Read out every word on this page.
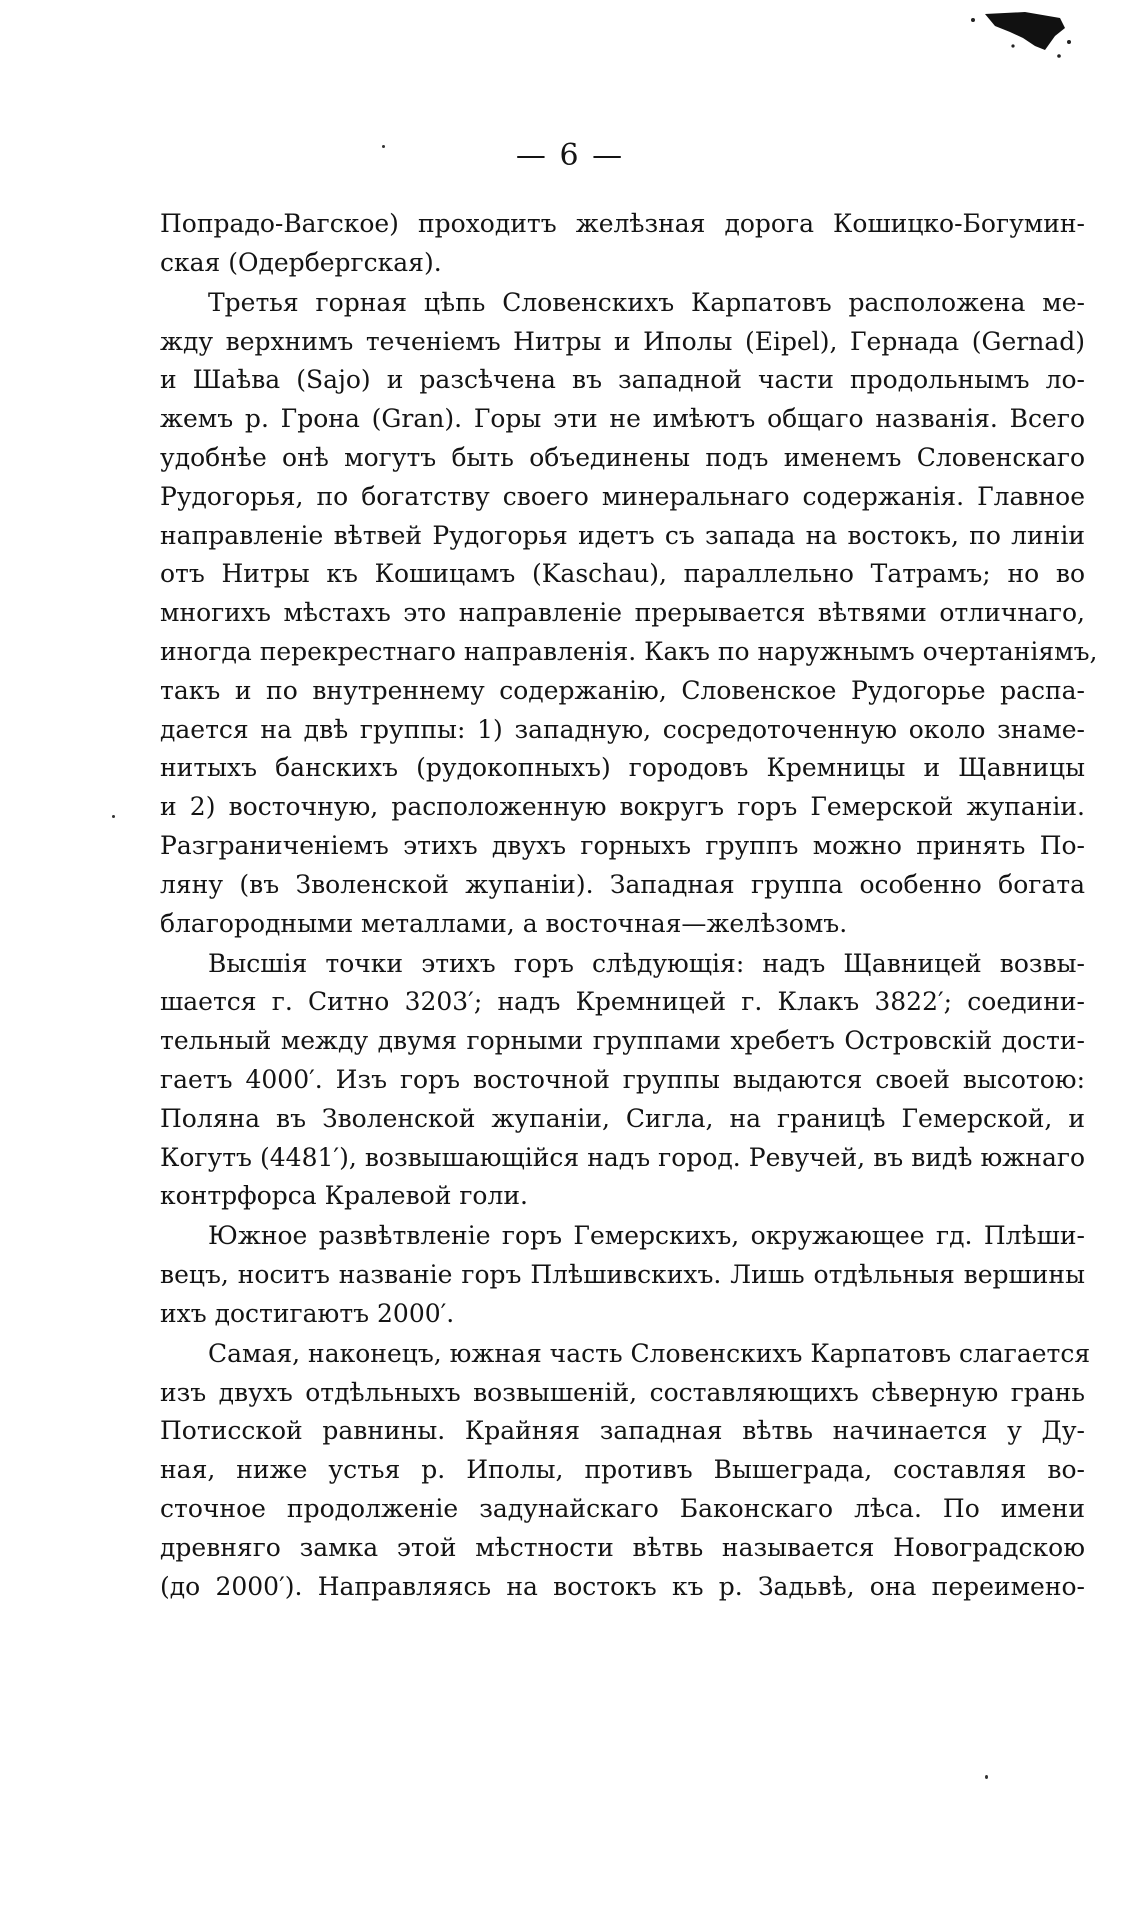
— 6 —
Попрадо-Вагское) проходитъ желѣзная дорога Кошицко-Богумин-
ская (Одербергская).
Третья горная цѣпь Словенскихъ Карпатовъ расположена ме-
жду верхнимъ теченіемъ Нитры и Иполы (Eipel), Гернада (Gernad)
и Шаѣва (Sajo) и разсѣчена въ западной части продольнымъ ло-
жемъ р. Грона (Gran). Горы эти не имѣютъ общаго названія. Всего
удобнѣе онѣ могутъ быть объединены подъ именемъ Словенскаго
Рудогорья, по богатству своего минеральнаго содержанія. Главное
направленіе вѣтвей Рудогорья идетъ съ запада на востокъ, по линіи
отъ Нитры къ Кошицамъ (Kaschau), параллельно Татрамъ; но во
многихъ мѣстахъ это направленіе прерывается вѣтвями отличнаго,
иногда перекрестнаго направленія. Какъ по наружнымъ очертаніямъ,
такъ и по внутреннему содержанію, Словенское Рудогорье распа-
дается на двѣ группы: 1) западную, сосредоточенную около знаме-
нитыхъ банскихъ (рудокопныхъ) городовъ Кремницы и Щавницы
и 2) восточную, расположенную вокругъ горъ Гемерской жупаніи.
Разграниченіемъ этихъ двухъ горныхъ группъ можно принять По-
ляну (въ Зволенской жупаніи). Западная группа особенно богата
благородными металлами, а восточная—желѣзомъ.
Высшія точки этихъ горъ слѣдующія: надъ Щавницей возвы-
шается г. Ситно 3203′; надъ Кремницей г. Клакъ 3822′; соедини-
тельный между двумя горными группами хребетъ Островскій дости-
гаетъ 4000′. Изъ горъ восточной группы выдаются своей высотою:
Поляна въ Зволенской жупаніи, Сигла, на границѣ Гемерской, и
Когутъ (4481′), возвышающійся надъ город. Ревучей, въ видѣ южнаго
контрфорса Кралевой голи.
Южное развѣтвленіе горъ Гемерскихъ, окружающее гд. Плѣши-
вецъ, носитъ названіе горъ Плѣшивскихъ. Лишь отдѣльныя вершины
ихъ достигаютъ 2000′.
Самая, наконецъ, южная часть Словенскихъ Карпатовъ слагается
изъ двухъ отдѣльныхъ возвышеній, составляющихъ сѣверную грань
Потисской равнины. Крайняя западная вѣтвь начинается у Ду-
ная, ниже устья р. Иполы, противъ Вышеграда, составляя во-
сточное продолженіе задунайскаго Баконскаго лѣса. По имени
древняго замка этой мѣстности вѣтвь называется Новоградскою
(до 2000′). Направляясь на востокъ къ р. Задьвѣ, она переимено-
